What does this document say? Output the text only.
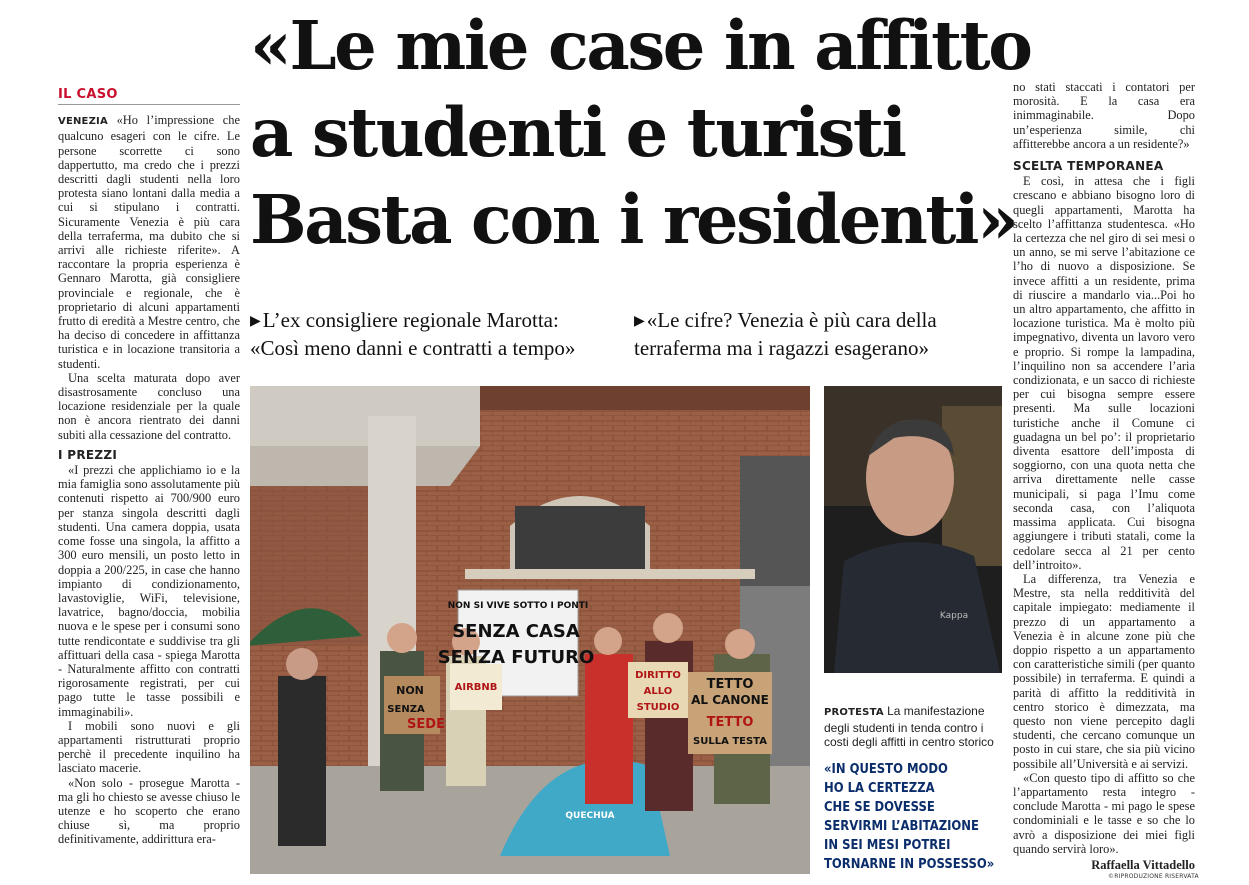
«Le mie case in affitto
a studenti e turisti
Basta con i residenti»
▶L’ex consigliere regionale Marotta:
«Così meno danni e contratti a tempo»
▶«Le cifre? Venezia è più cara della
terraferma ma i ragazzi esagerano»
IL CASO

VENEZIA «Ho l’impressione che qualcuno esageri con le cifre. Le persone scorrette ci sono dappertutto, ma credo che i prezzi descritti dagli studenti nella loro protesta siano lontani dalla media a cui si stipulano i contratti. Sicuramente Venezia è più cara della terraferma, ma dubito che si arrivi alle richieste riferite». A raccontare la propria esperienza è Gennaro Marotta, già consigliere provinciale e regionale, che è proprietario di alcuni appartamenti frutto di eredità a Mestre centro, che ha deciso di concedere in affittanza turistica e in locazione transitoria a studenti.

Una scelta maturata dopo aver disastrosamente concluso una locazione residenziale per la quale non è ancora rientrato dei danni subiti alla cessazione del contratto.

I PREZZI

«I prezzi che applichiamo io e la mia famiglia sono assolutamente più contenuti rispetto ai 700/900 euro per stanza singola descritti dagli studenti. Una camera doppia, usata come fosse una singola, la affitto a 300 euro mensili, un posto letto in doppia a 200/225, in case che hanno impianto di condizionamento, lavastoviglie, WiFi, televisione, lavatrice, bagno/doccia, mobilia nuova e le spese per i consumi sono tutte rendicontate e suddivise tra gli affittuari della casa - spiega Marotta - Naturalmente affitto con contratti rigorosamente registrati, per cui pago tutte le tasse possibili e immaginabili».

I mobili sono nuovi e gli appartamenti ristrutturati proprio perchè il precedente inquilino ha lasciato macerie.

«Non solo - prosegue Marotta - ma gli ho chiesto se avesse chiuso le utenze e ho scoperto che erano chiuse sì, ma proprio definitivamente, addirittura era-

NON SI VIVE SOTTO I PONTI
SENZA CASA
SENZA FUTURO
NON
SENZA
SEDE
AIRBNB
DIRITTO
ALLO
STUDIO
TETTO
AL CANONE
TETTO
SULLA TESTA
QUECHUA
Kappa
PROTESTA La manifestazione degli studenti in tenda contro i costi degli affitti in centro storico
«IN QUESTO MODO
HO LA CERTEZZA
CHE SE DOVESSE
SERVIRMI L’ABITAZIONE
IN SEI MESI POTREI
TORNARNE IN POSSESSO»

no stati staccati i contatori per morosità. E la casa era inimmaginabile. Dopo un’esperienza simile, chi affitterebbe ancora a un residente?»

SCELTA TEMPORANEA

E così, in attesa che i figli crescano e abbiano bisogno loro di quegli appartamenti, Marotta ha scelto l’affittanza studentesca. «Ho la certezza che nel giro di sei mesi o un anno, se mi serve l’abitazione ce l’ho di nuovo a disposizione. Se invece affitti a un residente, prima di riuscire a mandarlo via...Poi ho un altro appartamento, che affitto in locazione turistica. Ma è molto più impegnativo, diventa un lavoro vero e proprio. Si rompe la lampadina, l’inquilino non sa accendere l’aria condizionata, e un sacco di richieste per cui bisogna sempre essere presenti. Ma sulle locazioni turistiche anche il Comune ci guadagna un bel po’: il proprietario diventa esattore dell’imposta di soggiorno, con una quota netta che arriva direttamente nelle casse municipali, si paga l’Imu come seconda casa, con l’aliquota massima applicata. Cui bisogna aggiungere i tributi statali, come la cedolare secca al 21 per cento dell’introito».

La differenza, tra Venezia e Mestre, sta nella redditività del capitale impiegato: mediamente il prezzo di un appartamento a Venezia è in alcune zone più che doppio rispetto a un appartamento con caratteristiche simili (per quanto possibile) in terraferma. E quindi a parità di affitto la redditività in centro storico è dimezzata, ma questo non viene percepito dagli studenti, che cercano comunque un posto in cui stare, che sia più vicino possibile all’Università e ai servizi.

«Con questo tipo di affitto so che l’appartamento resta integro - conclude Marotta - mi pago le spese condominiali e le tasse e so che lo avrò a disposizione dei miei figli quando servirà loro».

Raffaella Vittadello
©RIPRODUZIONE RISERVATA
